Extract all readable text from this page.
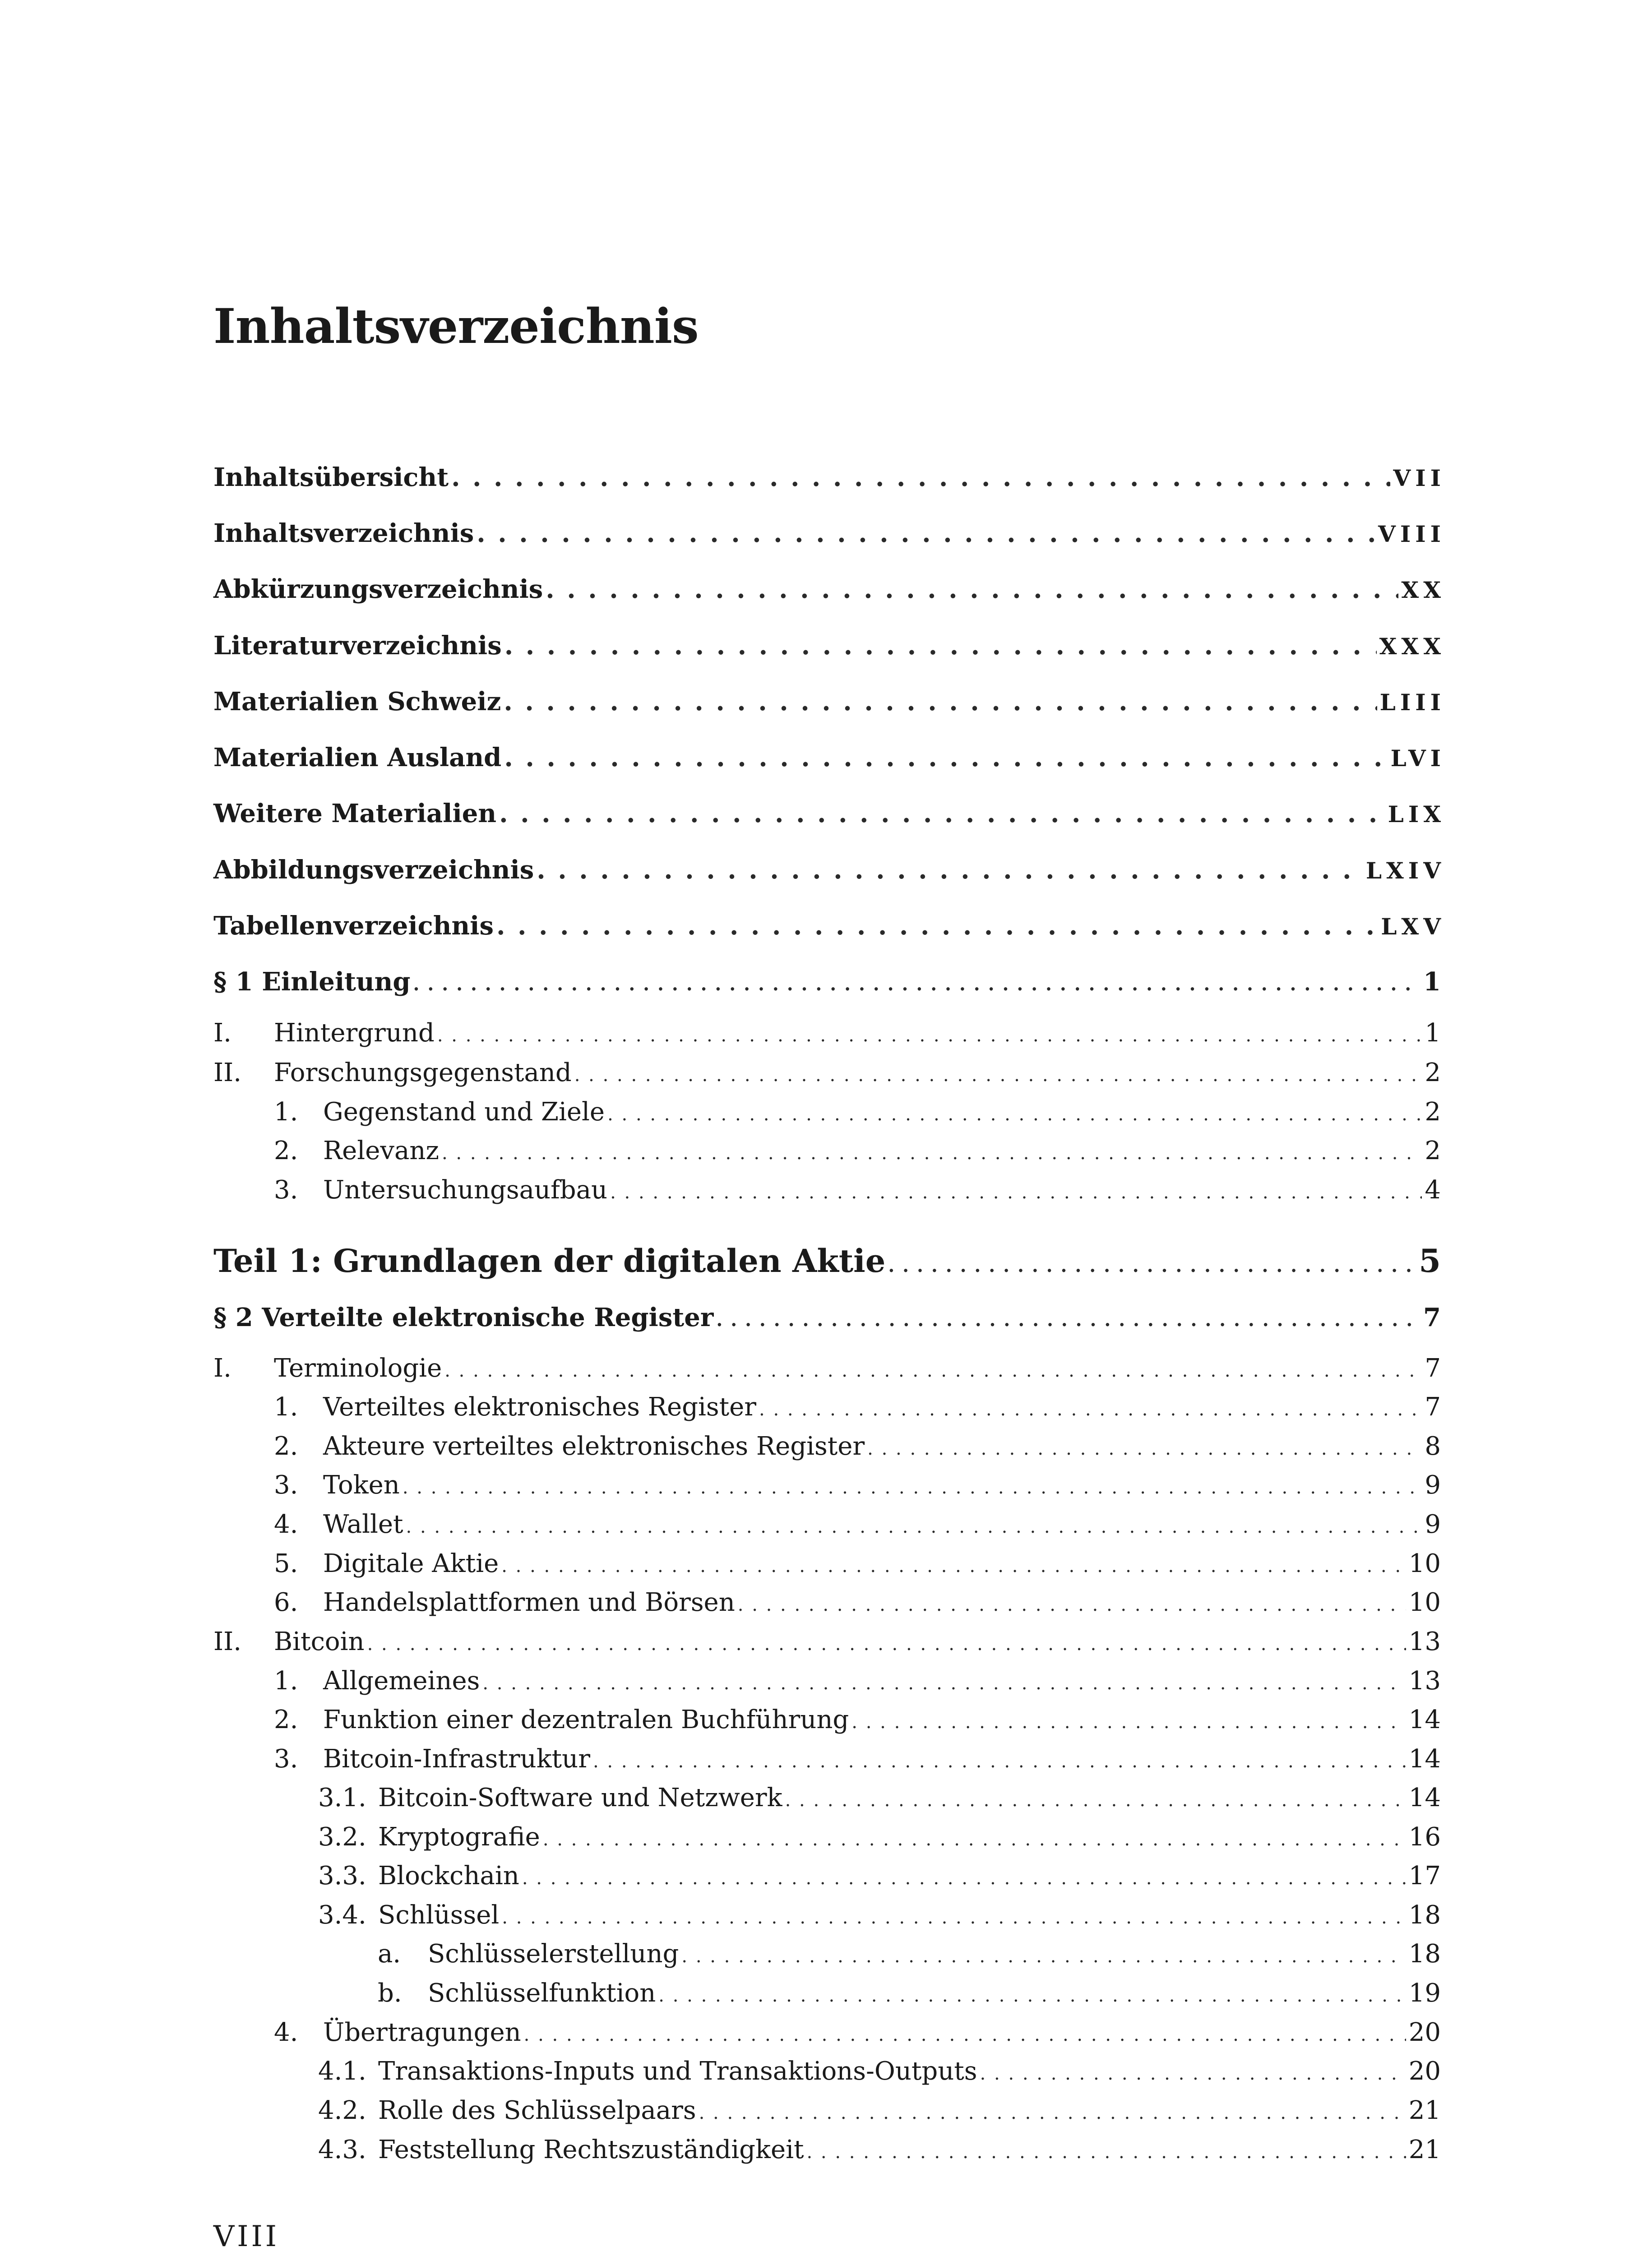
Inhaltsverzeichnis
Inhaltsübersicht . . .	VII
Inhaltsverzeichnis . . .	VIII
Abkürzungsverzeichnis . . .	XX
Literaturverzeichnis . . .	XXX
Materialien Schweiz . . .	LIII
Materialien Ausland . . .	LVI
Weitere Materialien . . .	LIX
Abbildungsverzeichnis . . .	LXIV
Tabellenverzeichnis . . .	LXV
§ 1 Einleitung . . .	1
I. Hintergrund . . .	1
II. Forschungsgegenstand . . .	2
1. Gegenstand und Ziele . . .	2
2. Relevanz . . .	2
3. Untersuchungsaufbau . . .	4
Teil 1: Grundlagen der digitalen Aktie . . .	5
§ 2 Verteilte elektronische Register . . .	7
I. Terminologie . . .	7
1. Verteiltes elektronisches Register . . .	7
2. Akteure verteiltes elektronisches Register . . .	8
3. Token . . .	9
4. Wallet . . .	9
5. Digitale Aktie . . .	10
6. Handelsplattformen und Börsen . . .	10
II. Bitcoin . . .	13
1. Allgemeines . . .	13
2. Funktion einer dezentralen Buchführung . . .	14
3. Bitcoin-Infrastruktur . . .	14
3.1. Bitcoin-Software und Netzwerk . . .	14
3.2. Kryptografie . . .	16
3.3. Blockchain . . .	17
3.4. Schlüssel . . .	18
a. Schlüsselerstellung . . .	18
b. Schlüsselfunktion . . .	19
4. Übertragungen . . .	20
4.1. Transaktions-Inputs und Transaktions-Outputs . . .	20
4.2. Rolle des Schlüsselpaars . . .	21
4.3. Feststellung Rechtszuständigkeit . . .	21
VIII
